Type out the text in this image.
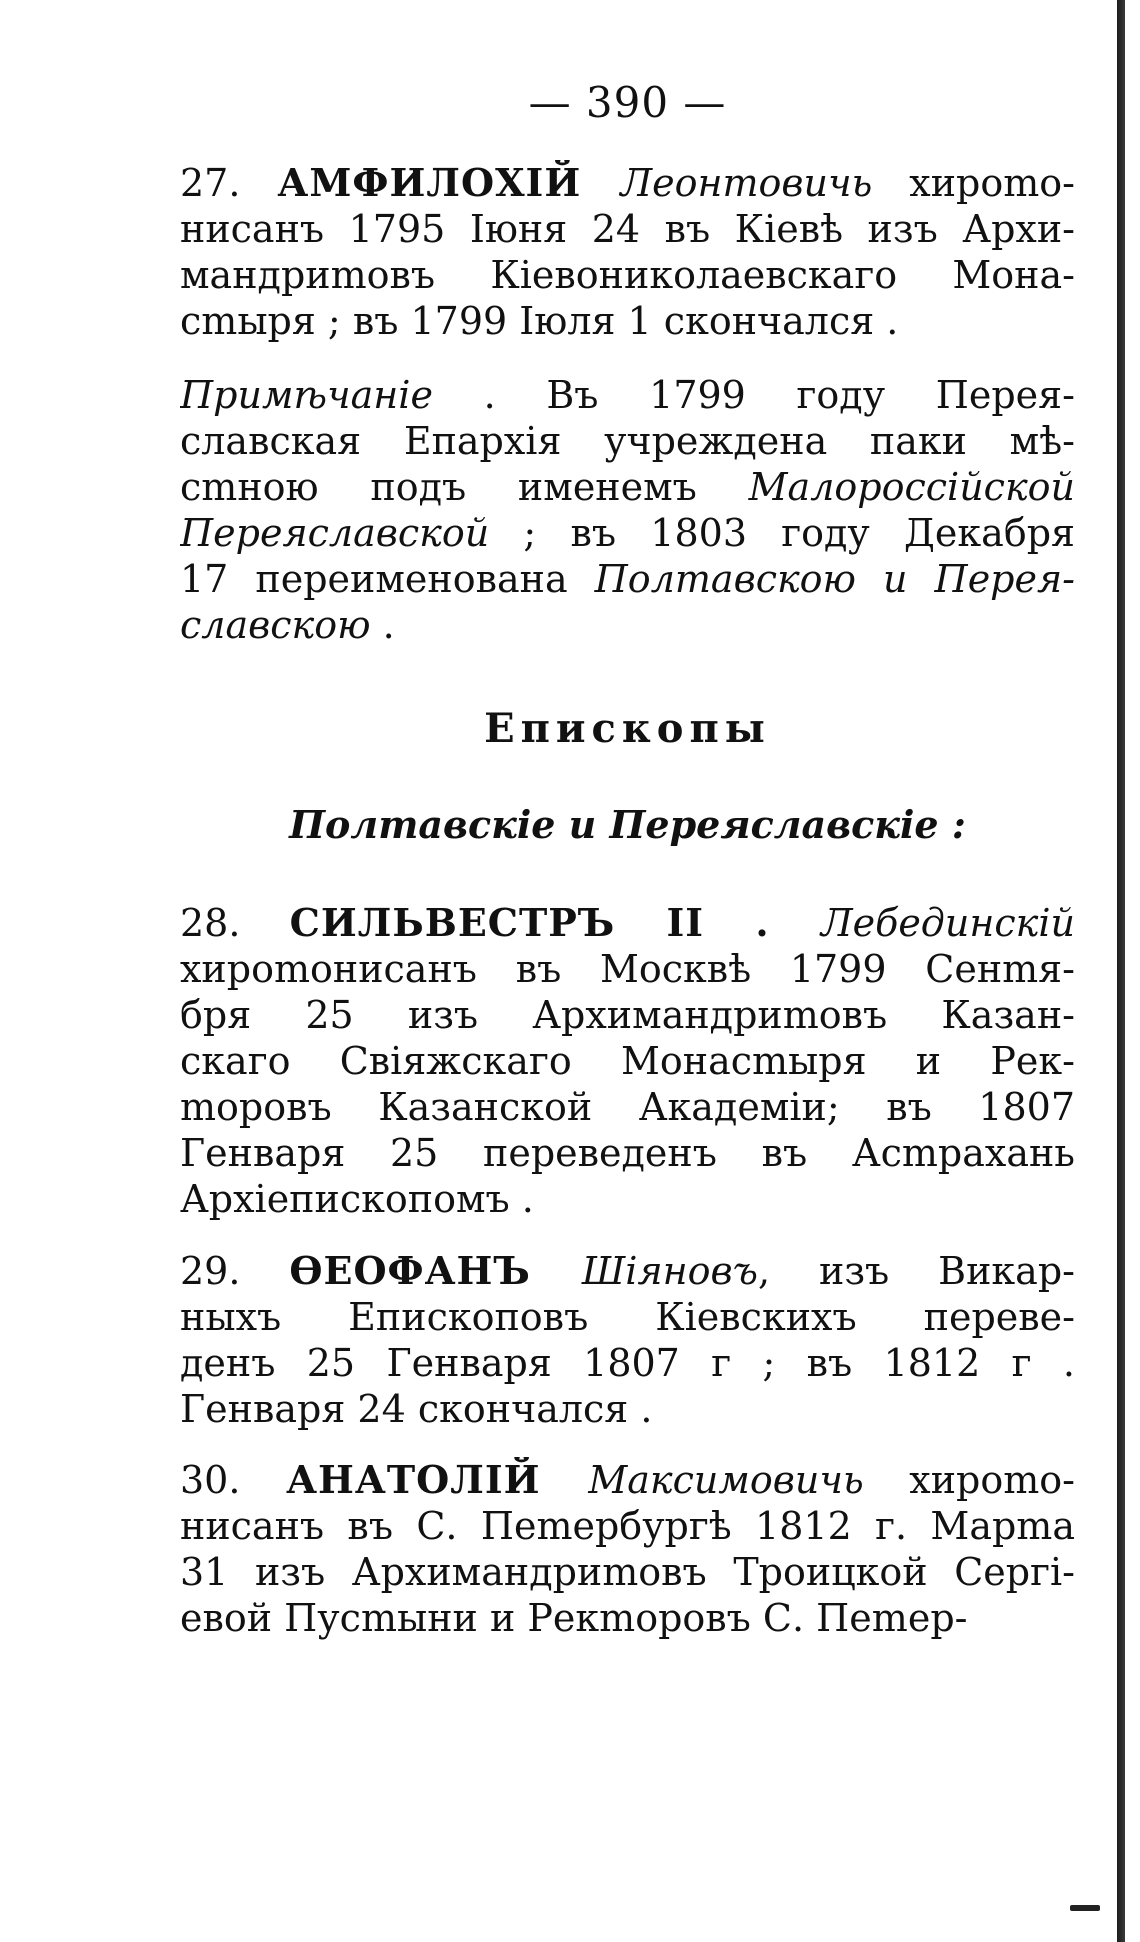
— 390 —
27. АМФИЛОХІЙ Леонтовичь хироmо-
нисанъ 1795 Іюня 24 въ Кіевѣ изъ Архи-
мандриmовъ Кіевониколаевскаго Мона-
сmыря ; въ 1799 Іюля 1 скончался .
Примѣчаніе . Въ 1799 году Перея-
славская Епархія учреждена паки мѣ-
сmною подъ именемъ Малороссійской
Переяславской ; въ 1803 году Декабря
17 переименована Полтавскою и Перея-
славскою .
Епископы
Полтавскіе и Переяславскіе :
28. СИЛЬВЕСТРЪ II . Лебединскій
хироmонисанъ въ Москвѣ 1799 Сенmя-
бря 25 изъ Архимандриmовъ Казан-
скаго Свіяжскаго Монасmыря и Рек-
mоровъ Казанской Академіи; въ 1807
Генваря 25 переведенъ въ Асmрахань
Архіепископомъ .
29. ѲЕОФАНЪ Шіяновъ, изъ Викар-
ныхъ Епископовъ Кіевскихъ переве-
денъ 25 Генваря 1807 г ; въ 1812 г .
Генваря 24 скончался .
30. АНАТОЛІЙ Максимовичь хироmо-
нисанъ въ С. Пеmербургѣ 1812 г. Марmа
31 изъ Архимандриmовъ Троицкой Сергі-
евой Пусmыни и Рекmоровъ С. Пеmер-
